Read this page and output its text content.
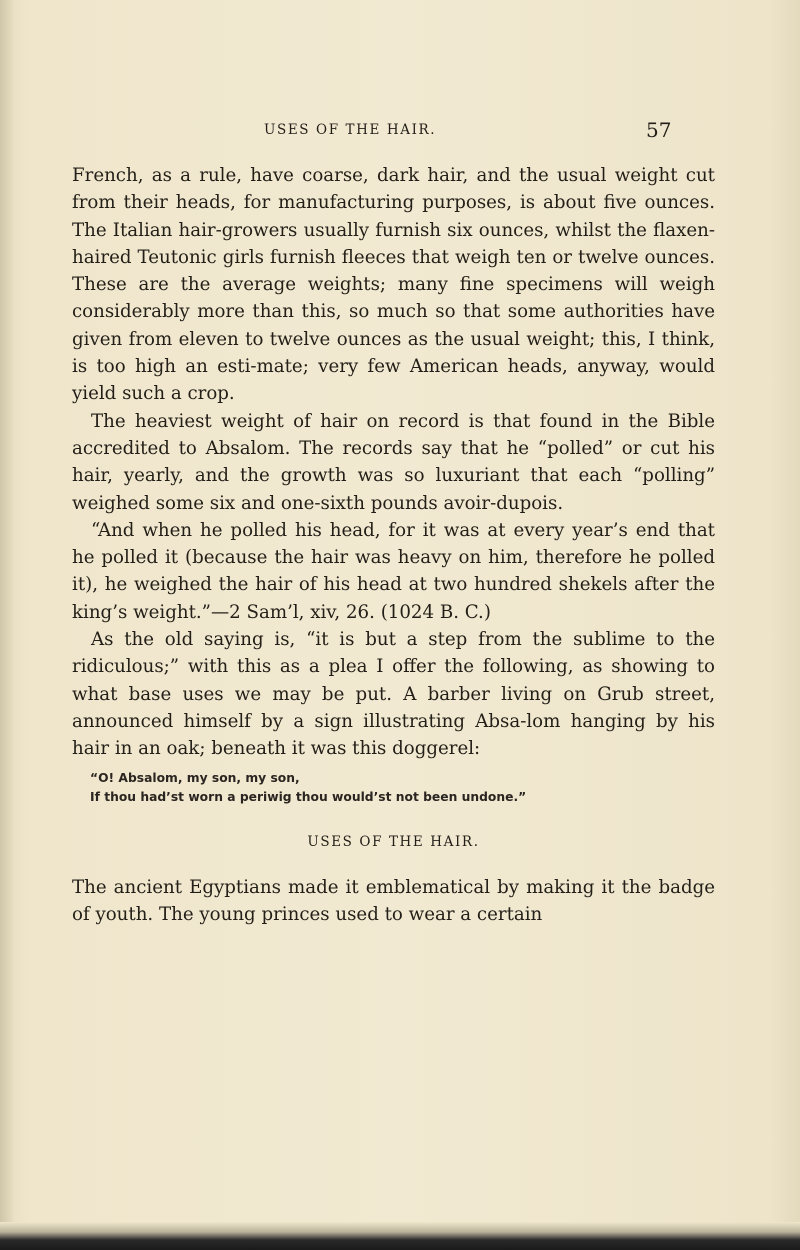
USES OF THE HAIR.	57

French, as a rule, have coarse, dark hair, and the usual weight cut from their heads, for manufacturing purposes, is about five ounces. The Italian hair-growers usually furnish six ounces, whilst the flaxen-haired Teutonic girls furnish fleeces that weigh ten or twelve ounces. These are the average weights; many fine specimens will weigh considerably more than this, so much so that some authorities have given from eleven to twelve ounces as the usual weight; this, I think, is too high an esti-mate; very few American heads, anyway, would yield such a crop.

The heaviest weight of hair on record is that found in the Bible accredited to Absalom. The records say that he “polled” or cut his hair, yearly, and the growth was so luxuriant that each “polling” weighed some six and one-sixth pounds avoir-dupois.

“And when he polled his head, for it was at every year’s end that he polled it (because the hair was heavy on him, therefore he polled it), he weighed the hair of his head at two hundred shekels after the king’s weight.”—2 Sam’l, xiv, 26. (1024 B. C.)

As the old saying is, “it is but a step from the sublime to the ridiculous;” with this as a plea I offer the following, as showing to what base uses we may be put. A barber living on Grub street, announced himself by a sign illustrating Absa-lom hanging by his hair in an oak; beneath it was this doggerel:

“O! Absalom, my son, my son,
If thou had’st worn a periwig thou would’st not been undone.”
USES OF THE HAIR.

The ancient Egyptians made it emblematical by making it the badge of youth. The young princes used to wear a certain
